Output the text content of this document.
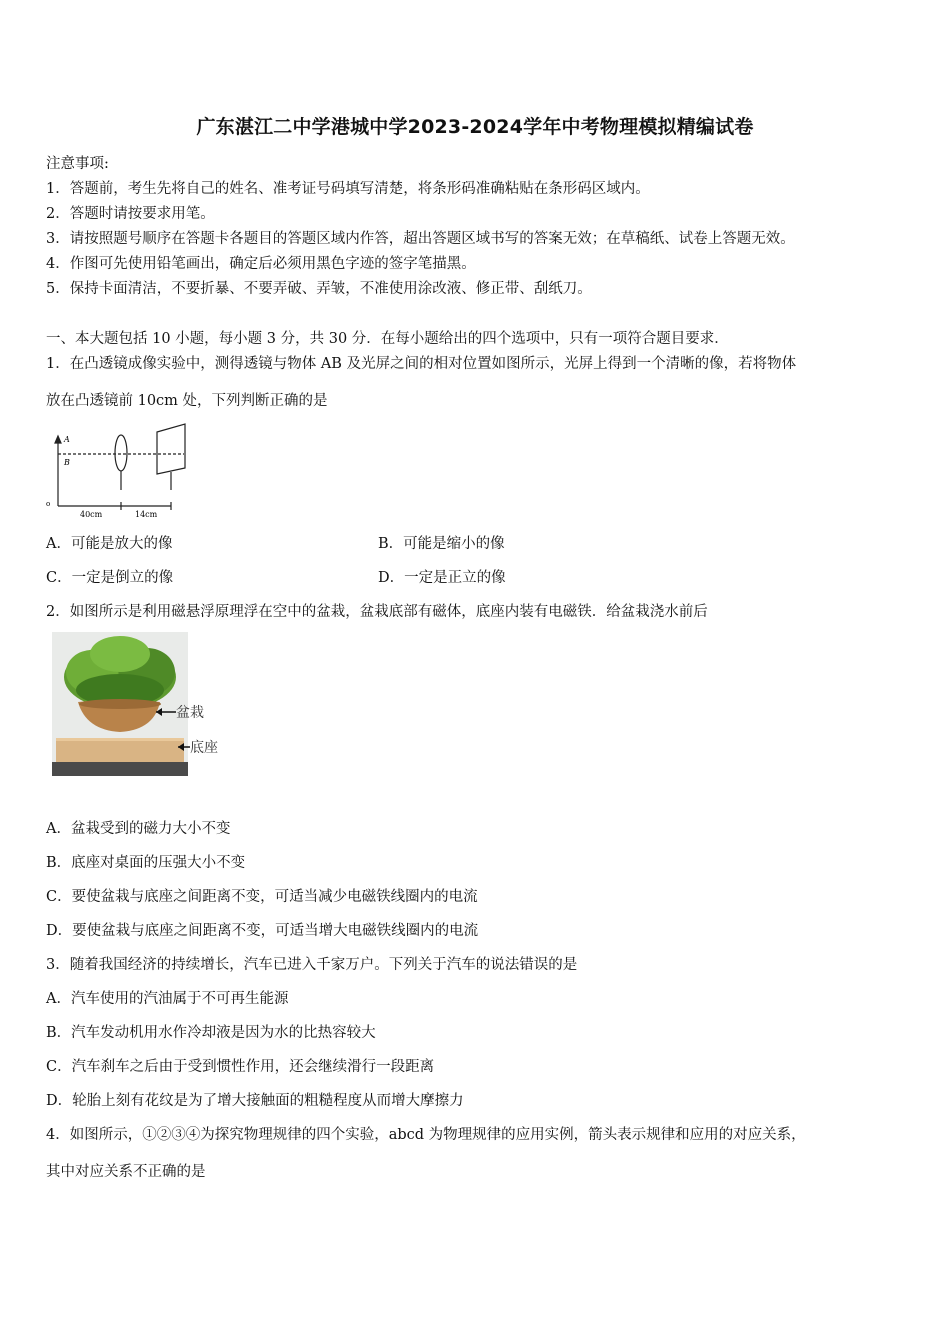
广东湛江二中学港城中学2023-2024学年中考物理模拟精编试卷
注意事项:
1．答题前，考生先将自己的姓名、准考证号码填写清楚，将条形码准确粘贴在条形码区域内。
2．答题时请按要求用笔。
3．请按照题号顺序在答题卡各题目的答题区域内作答，超出答题区域书写的答案无效；在草稿纸、试卷上答题无效。
4．作图可先使用铅笔画出，确定后必须用黑色字迹的签字笔描黑。
5．保持卡面清洁，不要折暴、不要弄破、弄皱，不准使用涂改液、修正带、刮纸刀。
一、本大题包括 10 小题，每小题 3 分，共 30 分．在每小题给出的四个选项中，只有一项符合题目要求．
1．在凸透镜成像实验中，测得透镜与物体 AB 及光屏之间的相对位置如图所示，光屏上得到一个清晰的像，若将物体
放在凸透镜前 10cm 处，下列判断正确的是
A
B
o
40cm	14cm
A．可能是放大的像	B．可能是缩小的像
C．一定是倒立的像	D．一定是正立的像
2．如图所示是利用磁悬浮原理浮在空中的盆栽，盆栽底部有磁体，底座内装有电磁铁．给盆栽浇水前后
盆栽
底座
A．盆栽受到的磁力大小不变
B．底座对桌面的压强大小不变
C．要使盆栽与底座之间距离不变，可适当减少电磁铁线圈内的电流
D．要使盆栽与底座之间距离不变，可适当增大电磁铁线圈内的电流
3．随着我国经济的持续增长，汽车已进入千家万户。下列关于汽车的说法错误的是
A．汽车使用的汽油属于不可再生能源
B．汽车发动机用水作冷却液是因为水的比热容较大
C．汽车刹车之后由于受到惯性作用，还会继续滑行一段距离
D．轮胎上刻有花纹是为了增大接触面的粗糙程度从而增大摩擦力
4．如图所示，①②③④为探究物理规律的四个实验，abcd 为物理规律的应用实例，箭头表示规律和应用的对应关系，
其中对应关系不正确的是
